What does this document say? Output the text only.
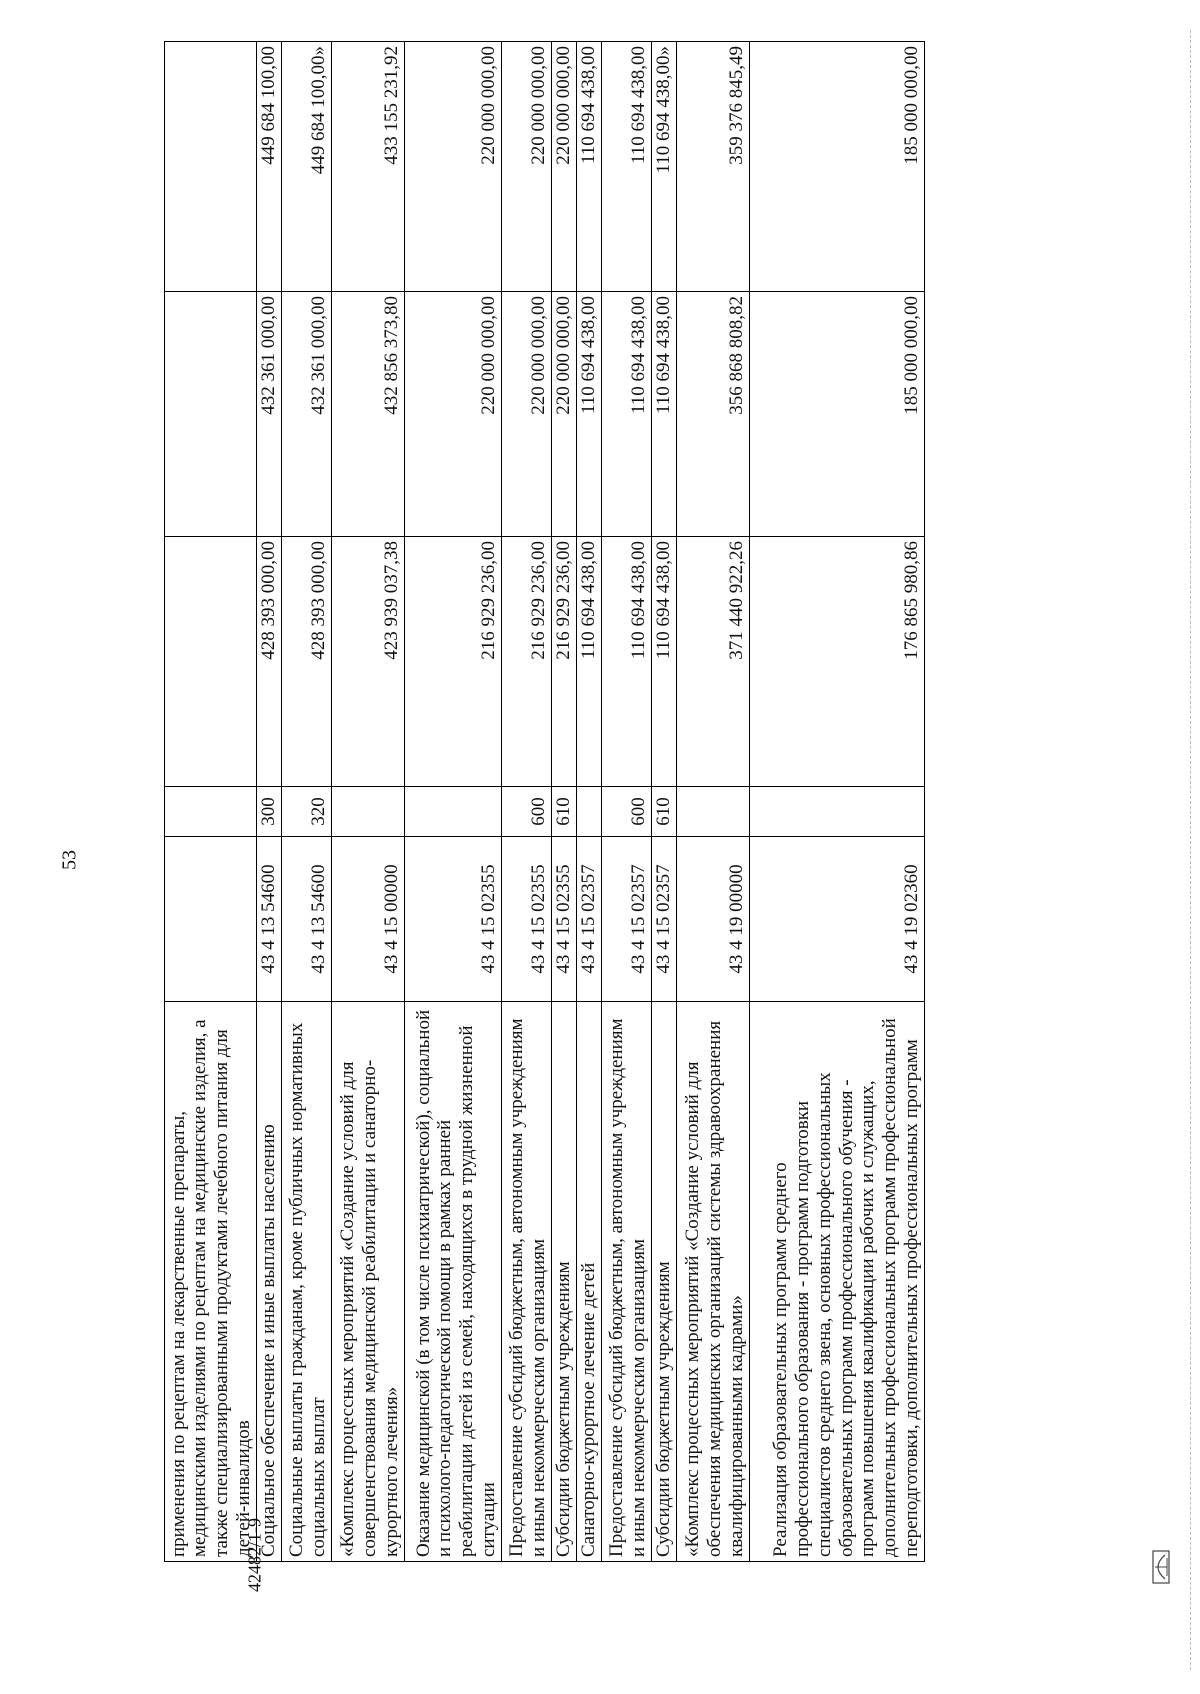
53
42482/1-9
применения по рецептам на лекарственные препараты, медицинскими изделиями по рецептам на медицинские изделия, а также специализированными продуктами лечебного питания для детей-инвалидов					
Социальное обеспечение и иные выплаты населению	43 4 13 54600	300	428 393 000,00	432 361 000,00	449 684 100,00
Социальные выплаты гражданам, кроме публичных нормативных социальных выплат	43 4 13 54600	320	428 393 000,00	432 361 000,00	449 684 100,00»
«Комплекс процессных мероприятий «Создание условий для совершенствования медицинской реабилитации и санаторно-курортного лечения»	43 4 15 00000		423 939 037,38	432 856 373,80	433 155 231,92
Оказание медицинской (в том числе психиатрической), социальной и психолого-педагогической помощи в рамках ранней реабилитации детей из семей, находящихся в трудной жизненной ситуации	43 4 15 02355		216 929 236,00	220 000 000,00	220 000 000,00
Предоставление субсидий бюджетным, автономным учреждениям и иным некоммерческим организациям	43 4 15 02355	600	216 929 236,00	220 000 000,00	220 000 000,00
Субсидии бюджетным учреждениям	43 4 15 02355	610	216 929 236,00	220 000 000,00	220 000 000,00
Санаторно-курортное лечение детей	43 4 15 02357		110 694 438,00	110 694 438,00	110 694 438,00
Предоставление субсидий бюджетным, автономным учреждениям и иным некоммерческим организациям	43 4 15 02357	600	110 694 438,00	110 694 438,00	110 694 438,00
Субсидии бюджетным учреждениям	43 4 15 02357	610	110 694 438,00	110 694 438,00	110 694 438,00»
«Комплекс процессных мероприятий «Создание условий для обеспечения медицинских организаций системы здравоохранения квалифицированными кадрами»	43 4 19 00000		371 440 922,26	356 868 808,82	359 376 845,49
Реализация образовательных программ среднего профессионального образования - программ подготовки специалистов среднего звена, основных профессиональных образовательных программ профессионального обучения - программ повышения квалификации рабочих и служащих, дополнительных профессиональных программ профессиональной переподготовки, дополнительных профессиональных программ	43 4 19 02360		176 865 980,86	185 000 000,00	185 000 000,00
